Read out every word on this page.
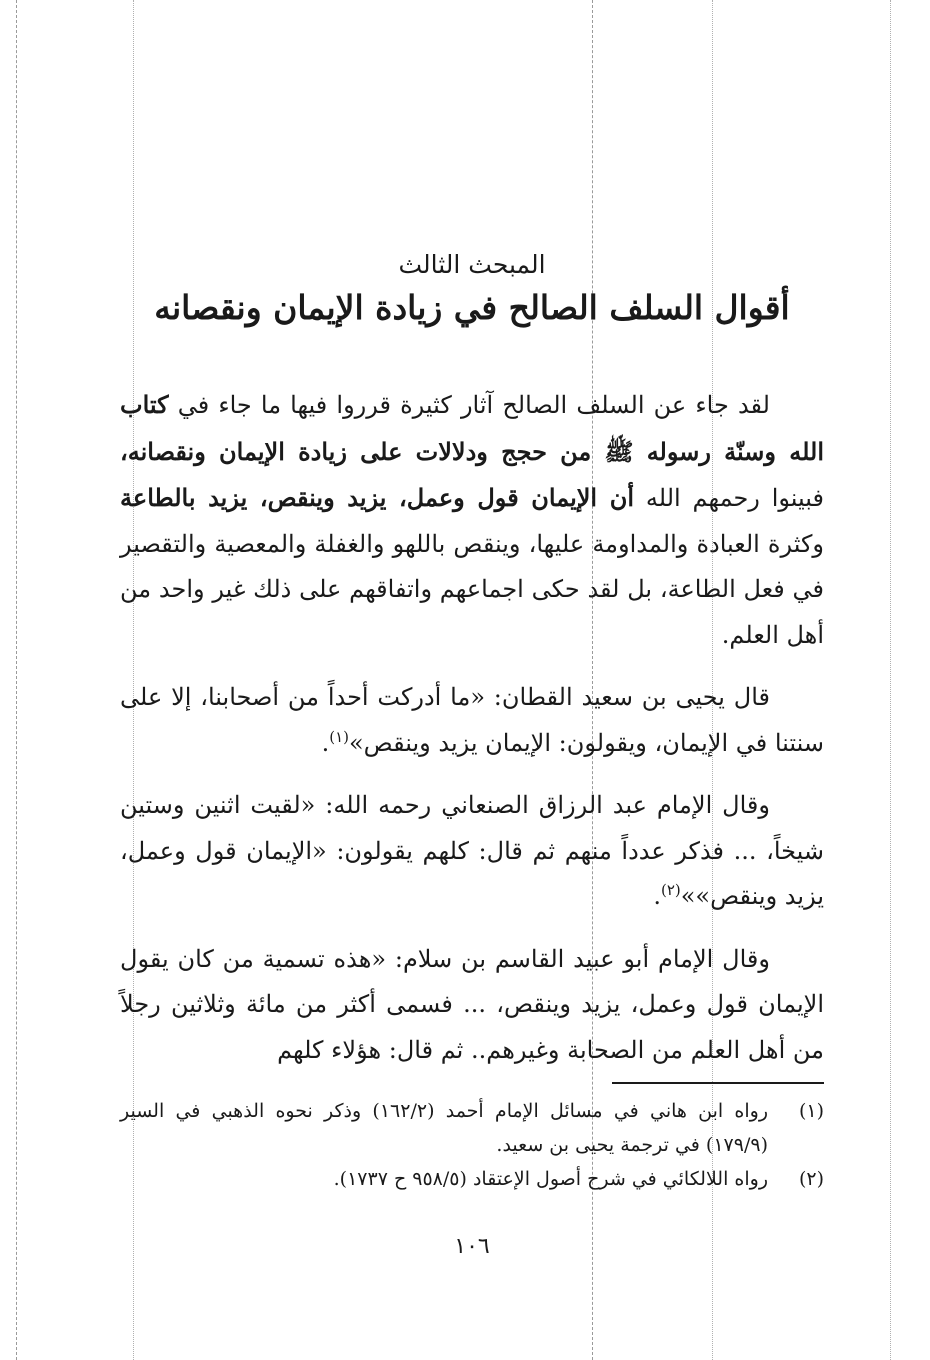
المبحث الثالث
أقوال السلف الصالح في زيادة الإيمان ونقصانه

لقد جاء عن السلف الصالح آثار كثيرة قرروا فيها ما جاء في كتاب الله وسنّة رسوله ﷺ من حجج ودلالات على زيادة الإيمان ونقصانه، فبينوا رحمهم الله أن الإيمان قول وعمل، يزيد وينقص، يزيد بالطاعة وكثرة العبادة والمداومة عليها، وينقص باللهو والغفلة والمعصية والتقصير في فعل الطاعة، بل لقد حكى اجماعهم واتفاقهم على ذلك غير واحد من أهل العلم.

قال يحيى بن سعيد القطان: «ما أدركت أحداً من أصحابنا، إلا على سنتنا في الإيمان، ويقولون: الإيمان يزيد وينقص»$^{(١)}$.

وقال الإمام عبد الرزاق الصنعاني رحمه الله: «لقيت اثنين وستين شيخاً، ... فذكر عدداً منهم ثم قال: كلهم يقولون: «الإيمان قول وعمل، يزيد وينقص»»$^{(٢)}$.

وقال الإمام أبو عبيد القاسم بن سلام: «هذه تسمية من كان يقول الإيمان قول وعمل، يزيد وينقص، ... فسمى أكثر من مائة وثلاثين رجلاً من أهل العلم من الصحابة وغيرهم.. ثم قال: هؤلاء كلهم

(١)
رواه ابن هاني في مسائل الإمام أحمد (١٦٢/٢) وذكر نحوه الذهبي في السير (١٧٩/٩) في ترجمة يحيى بن سعيد.
(٢)
رواه اللالكائي في شرح أصول الإعتقاد (٩٥٨/٥ ح ١٧٣٧).
١٠٦
